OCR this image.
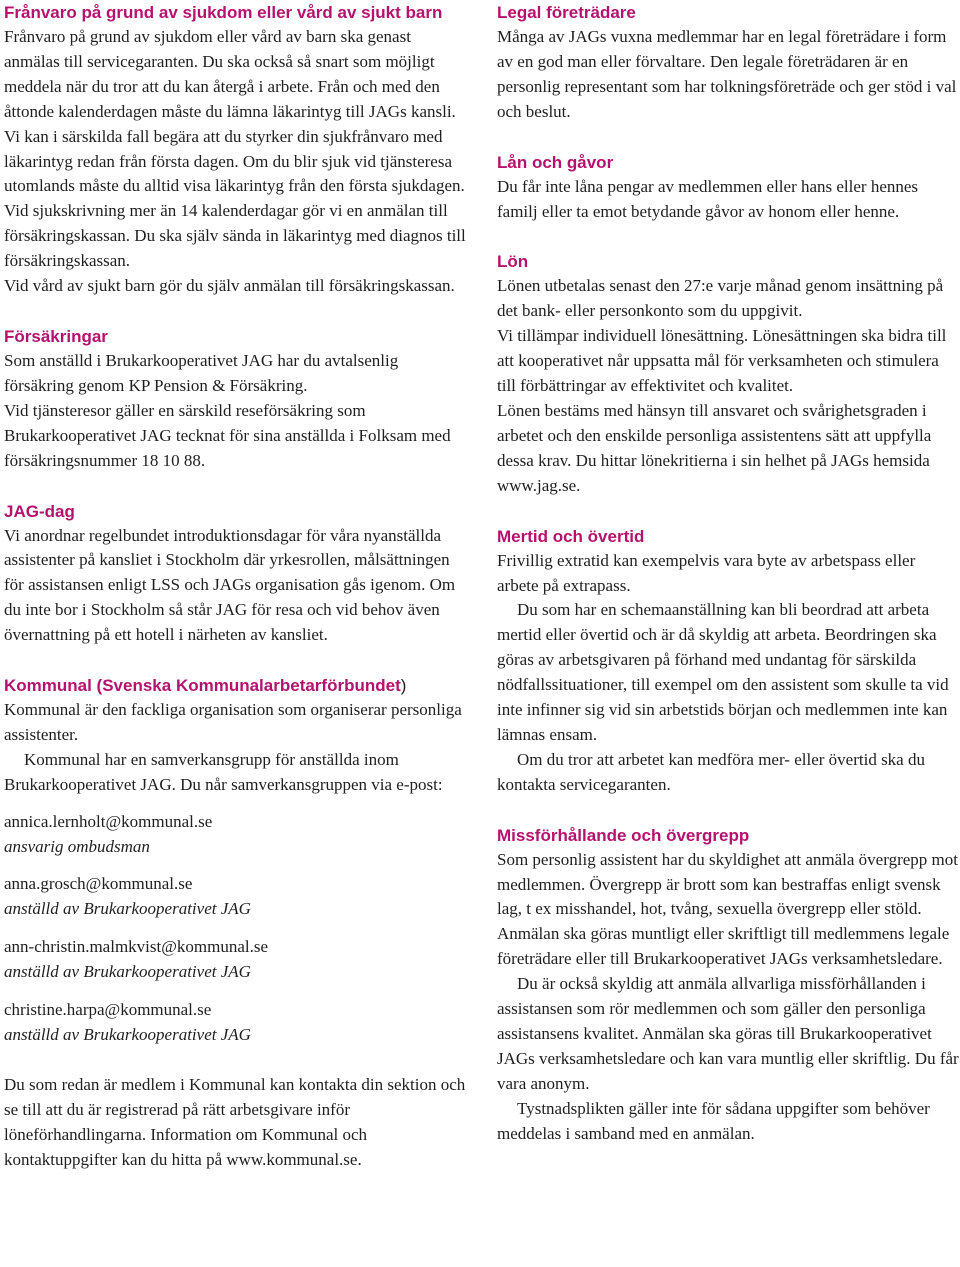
Frånvaro på grund av sjukdom eller vård av sjukt barn

Frånvaro på grund av sjukdom eller vård av barn ska genast anmälas till servicegaranten. Du ska också så snart som möjligt meddela när du tror att du kan återgå i arbete. Från och med den åttonde kalenderdagen måste du lämna läkarintyg till JAGs kansli. Vi kan i särskilda fall begära att du styrker din sjukfrånvaro med läkarintyg redan från första dagen. Om du blir sjuk vid tjänsteresa utomlands måste du alltid visa läkarintyg från den första sjukdagen.

Vid sjukskrivning mer än 14 kalenderdagar gör vi en anmälan till försäkringskassan. Du ska själv sända in läkarintyg med diagnos till försäkringskassan.

Vid vård av sjukt barn gör du själv anmälan till försäkringskassan.

Försäkringar

Som anställd i Brukarkooperativet JAG har du avtalsenlig försäkring genom KP Pension & Försäkring.

Vid tjänsteresor gäller en särskild reseförsäkring som Brukarkooperativet JAG tecknat för sina anställda i Folksam med försäkringsnummer 18 10 88.

JAG-dag

Vi anordnar regelbundet introduktionsdagar för våra nyanställda assistenter på kansliet i Stockholm där yrkesrollen, målsättningen för assistansen enligt LSS och JAGs organisation gås igenom. Om du inte bor i Stockholm så står JAG för resa och vid behov även övernattning på ett hotell i närheten av kansliet.

Kommunal (Svenska Kommunalarbetarförbundet)

Kommunal är den fackliga organisation som organiserar personliga assistenter.

Kommunal har en samverkansgrupp för anställda inom Brukarkooperativet JAG. Du når samverkansgruppen via e-post:

annica.lernholt@kommunal.se

ansvarig ombudsman

anna.grosch@kommunal.se

anställd av Brukarkooperativet JAG

ann-christin.malmkvist@kommunal.se

anställd av Brukarkooperativet JAG

christine.harpa@kommunal.se

anställd av Brukarkooperativet JAG

Du som redan är medlem i Kommunal kan kontakta din sektion och se till att du är registrerad på rätt arbetsgivare inför löneförhandlingarna. Information om Kommunal och kontaktuppgifter kan du hitta på www.kommunal.se.

Legal företrädare

Många av JAGs vuxna medlemmar har en legal företrädare i form av en god man eller förvaltare. Den legale företrädaren är en personlig representant som har tolkningsföreträde och ger stöd i val och beslut.

Lån och gåvor

Du får inte låna pengar av medlemmen eller hans eller hennes familj eller ta emot betydande gåvor av honom eller henne.

Lön

Lönen utbetalas senast den 27:e varje månad genom insättning på det bank- eller personkonto som du uppgivit.

Vi tillämpar individuell lönesättning. Lönesättningen ska bidra till att kooperativet når uppsatta mål för verksamheten och stimulera till förbättringar av effektivitet och kvalitet.

Lönen bestäms med hänsyn till ansvaret och svårighetsgraden i arbetet och den enskilde personliga assistentens sätt att uppfylla dessa krav. Du hittar lönekritierna i sin helhet på JAGs hemsida www.jag.se.

Mertid och övertid

Frivillig extratid kan exempelvis vara byte av arbetspass eller arbete på extrapass.

Du som har en schemaanställning kan bli beordrad att arbeta mertid eller övertid och är då skyldig att arbeta. Beordringen ska göras av arbetsgivaren på förhand med undantag för särskilda nödfallssituationer, till exempel om den assistent som skulle ta vid inte infinner sig vid sin arbetstids början och medlemmen inte kan lämnas ensam.

Om du tror att arbetet kan medföra mer- eller övertid ska du kontakta servicegaranten.

Missförhållande och övergrepp

Som personlig assistent har du skyldighet att anmäla övergrepp mot medlemmen. Övergrepp är brott som kan bestraffas enligt svensk lag, t ex misshandel, hot, tvång, sexuella övergrepp eller stöld. Anmälan ska göras muntligt eller skriftligt till medlemmens legale företrädare eller till Brukarkooperativet JAGs verksamhetsledare.

Du är också skyldig att anmäla allvarliga missförhållanden i assistansen som rör medlemmen och som gäller den personliga assistansens kvalitet. Anmälan ska göras till Brukarkooperativet JAGs verksamhetsledare och kan vara muntlig eller skriftlig. Du får vara anonym.

Tystnadsplikten gäller inte för sådana uppgifter som behöver meddelas i samband med en anmälan.
